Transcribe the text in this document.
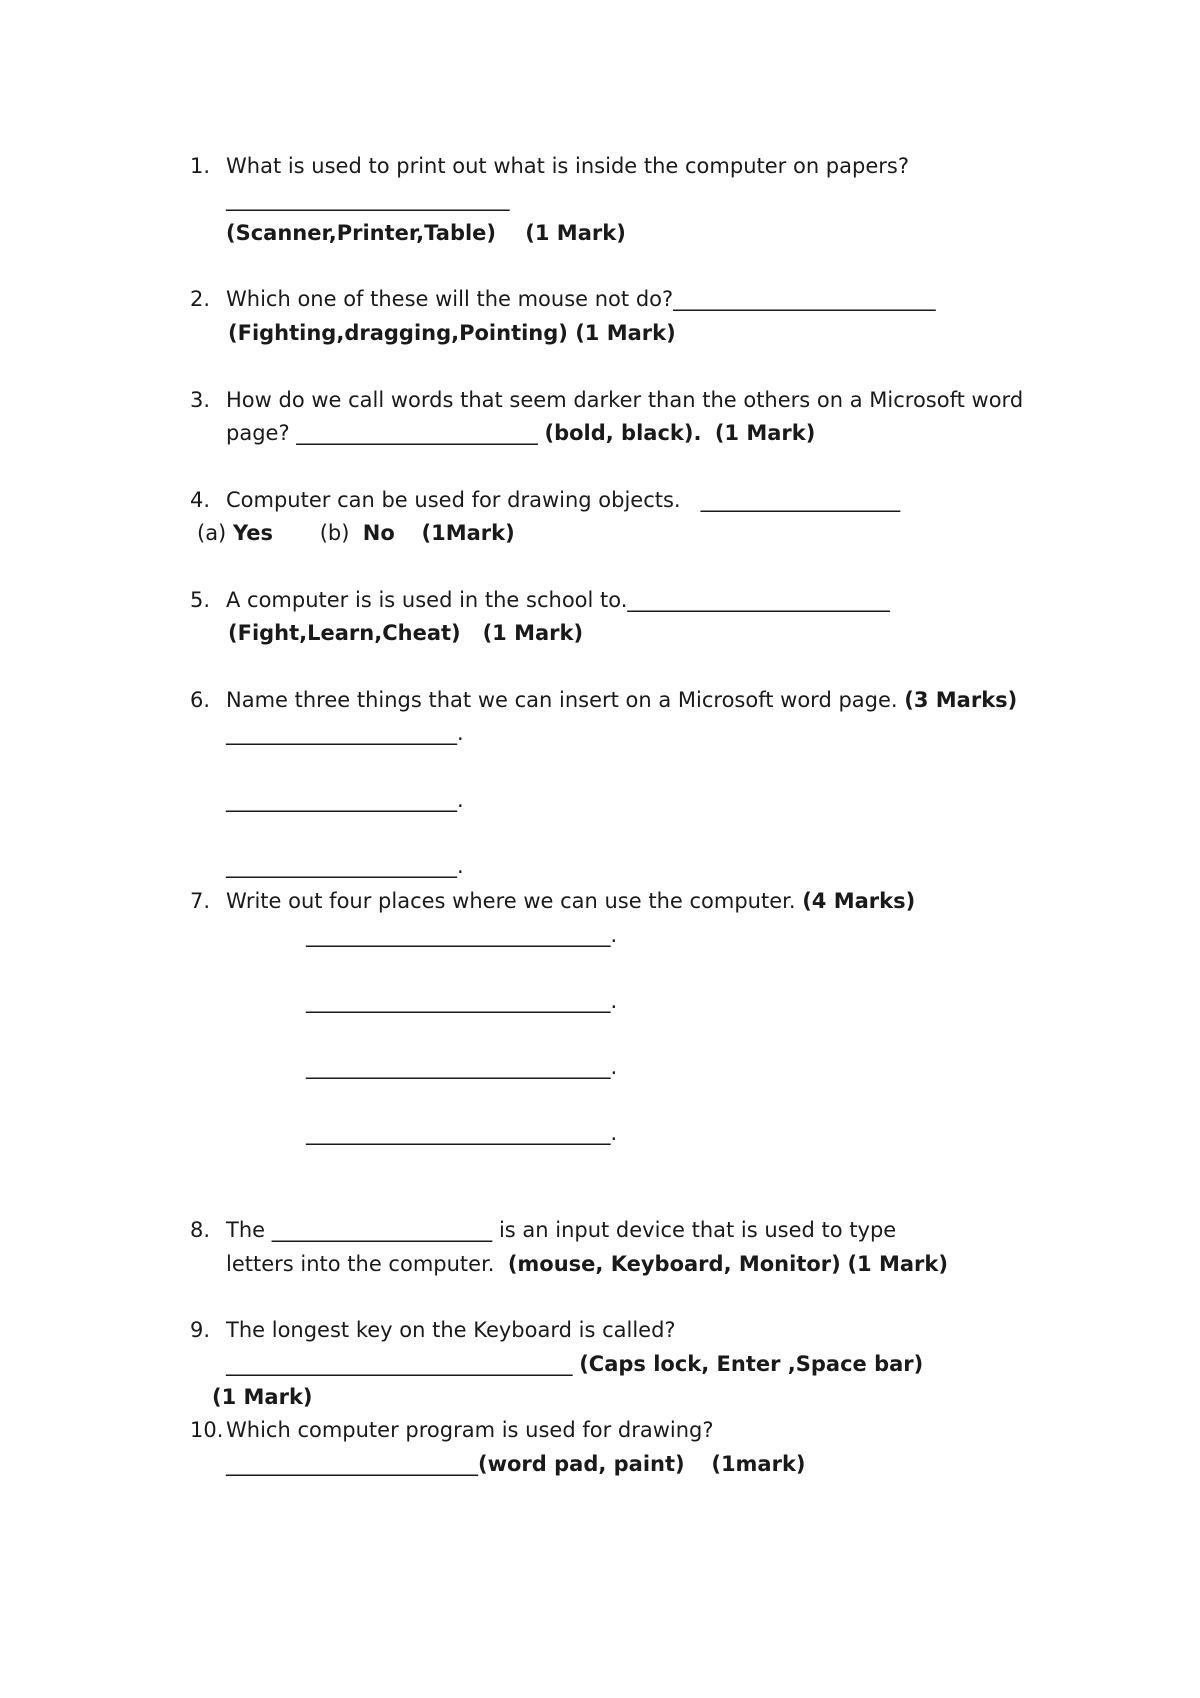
1. What is used to print out what is inside the computer on papers?
___________________________
(Scanner,Printer,Table) (1 Mark)
2. Which one of these will the mouse not do?_________________________
(Fighting,dragging,Pointing) (1 Mark)
3. How do we call words that seem darker than the others on a Microsoft word
page? _______________________ (bold, black). (1 Mark)
4. Computer can be used for drawing objects. ___________________
(a) Yes (b) No (1Mark)
5. A computer is is used in the school to._________________________
(Fight,Learn,Cheat) (1 Mark)
6. Name three things that we can insert on a Microsoft word page. (3 Marks)
______________________.
______________________.
______________________.
7. Write out four places where we can use the computer. (4 Marks)
_____________________________.
_____________________________.
_____________________________.
_____________________________.
8. The _____________________ is an input device that is used to type
letters into the computer. (mouse, Keyboard, Monitor) (1 Mark)
9. The longest key on the Keyboard is called?
_________________________________ (Caps lock, Enter ,Space bar)
(1 Mark)
10. Which computer program is used for drawing?
________________________(word pad, paint) (1mark)
